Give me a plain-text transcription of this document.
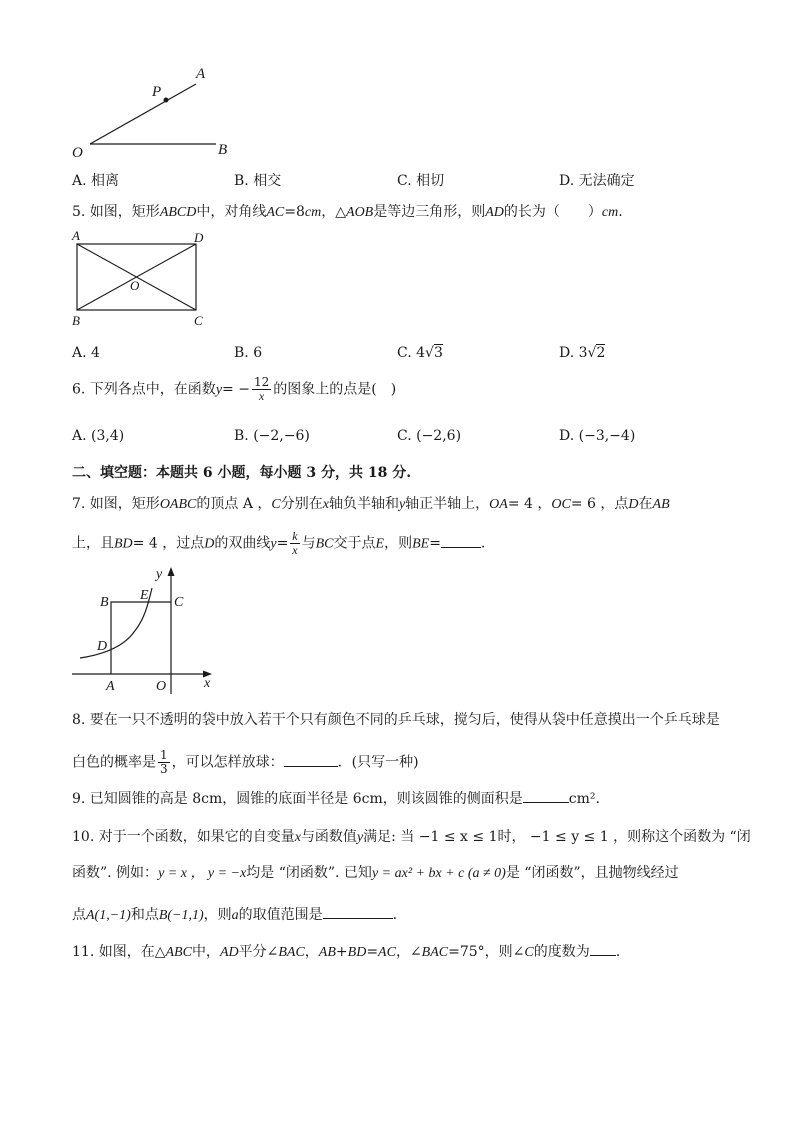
A
P
O	B
A. 相离	B. 相交	C. 相切	D. 无法确定
5. 如图，矩形ABCD中，对角线AC=8cm，△AOB是等边三角形，则AD的长为（　　）cm.
A	D
O
B	C
A. 4	B. 6	C. 4√3	D. 3√2
6. 下列各点中，在函数$y= - \frac{12}{x}$ 的图象上的点是(　)
A. (3,4)	B. (−2,−6)	C. (−2,6)	D. (−3,−4)
二、填空题：本题共 6 小题，每小题 3 分，共 18 分.
7. 如图，矩形OABC的顶点 A ，C分别在x轴负半轴和y轴正半轴上，OA= 4 ，OC= 6 ，点D在AB
上，且BD= 4 ，过点D的双曲线$y= \frac{k}{x}$ 与BC交于点E，则BE=	.
y
B E C
D
A	O	x
8. 要在一只不透明的袋中放入若干个只有颜色不同的乒乓球，搅匀后，使得从袋中任意摸出一个乒乓球是
白色的概率是 $\frac{1}{3}$ ，可以怎样放球：	．(只写一种)
9. 已知圆锥的高是 8cm，圆锥的底面半径是 6cm，则该圆锥的侧面积是	cm².
10. 对于一个函数，如果它的自变量x与函数值y满足: 当 −1 ≤ x ≤ 1时， −1 ≤ y ≤ 1 ，则称这个函数为 “闭
函数”. 例如：y = x ， y = −x均是 “闭函数”. 已知y = ax² + bx + c (a ≠ 0)是 “闭函数”，且抛物线经过
点A(1,−1)和点B(−1,1)，则a的取值范围是	.
11. 如图，在△ABC中，AD平分∠BAC，AB+BD=AC，∠BAC=75°，则∠C的度数为 .
